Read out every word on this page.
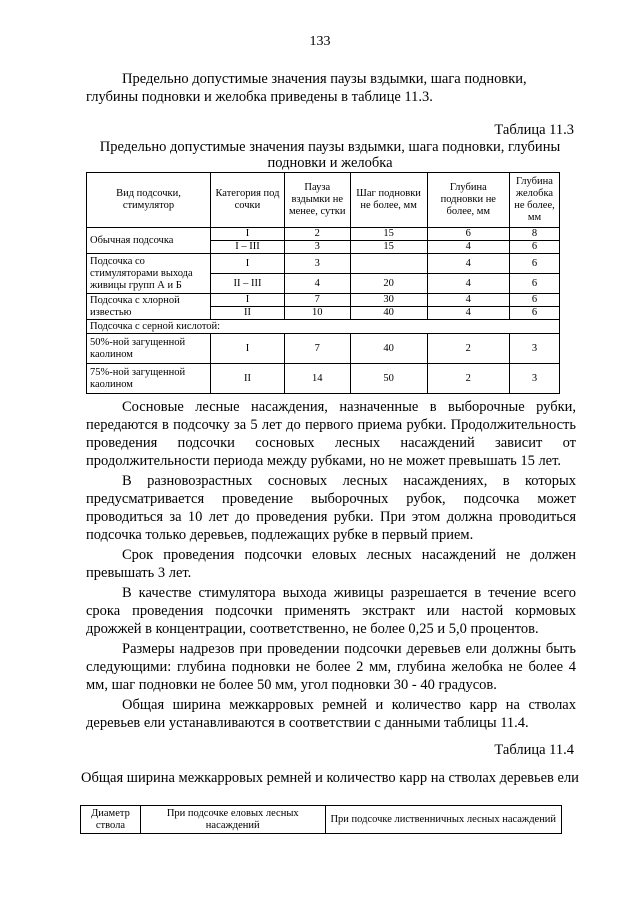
133

Предельно допустимые значения паузы вздымки, шага подновки, глубины подновки и желобка приведены в таблице 11.3.

Таблица 11.3
Предельно допустимые значения паузы вздымки, шага подновки, глубины подновки и желобка
Вид подсочки, стимулятор	Категория под сочки	Пауза вздымки не менее, сутки	Шаг подновки не более, мм	Глубина подновки не более, мм	Глубина желобка не более, мм
Обычная подсочка	I	2	15	6	8
	I – III	3	15	4	6
Подсочка со стимуляторами выхода живицы групп А и Б	I	3		4	6
	II – III	4	20	4	6
Подсочка с хлорной известью	I	7	30	4	6
	II	10	40	4	6
Подсочка с серной кислотой:					
50%-ной загущенной каолином	I	7	40	2	3
75%-ной загущенной каолином	II	14	50	2	3

Сосновые лесные насаждения, назначенные в выборочные рубки, передаются в подсочку за 5 лет до первого приема рубки. Продолжительность проведения подсочки сосновых лесных насаждений зависит от продолжительности периода между рубками, но не может превышать 15 лет.

В разновозрастных сосновых лесных насаждениях, в которых предусматривается проведение выборочных рубок, подсочка может проводиться за 10 лет до проведения рубки. При этом должна проводиться подсочка только деревьев, подлежащих рубке в первый прием.

Срок проведения подсочки еловых лесных насаждений не должен превышать 3 лет.

В качестве стимулятора выхода живицы разрешается в течение всего срока проведения подсочки применять экстракт или настой кормовых дрожжей в концентрации, соответственно, не более 0,25 и 5,0 процентов.

Размеры надрезов при проведении подсочки деревьев ели должны быть следующими: глубина подновки не более 2 мм, глубина желобка не более 4 мм, шаг подновки не более 50 мм, угол подновки 30 - 40 градусов.

Общая ширина межкарровых ремней и количество карр на стволах деревьев ели устанавливаются в соответствии с данными таблицы 11.4.

Таблица 11.4
Общая ширина межкарровых ремней и количество карр на стволах деревьев ели
Диаметр ствола	При подсочке еловых лесных насаждений	При подсочке лиственничных лесных насаждений
